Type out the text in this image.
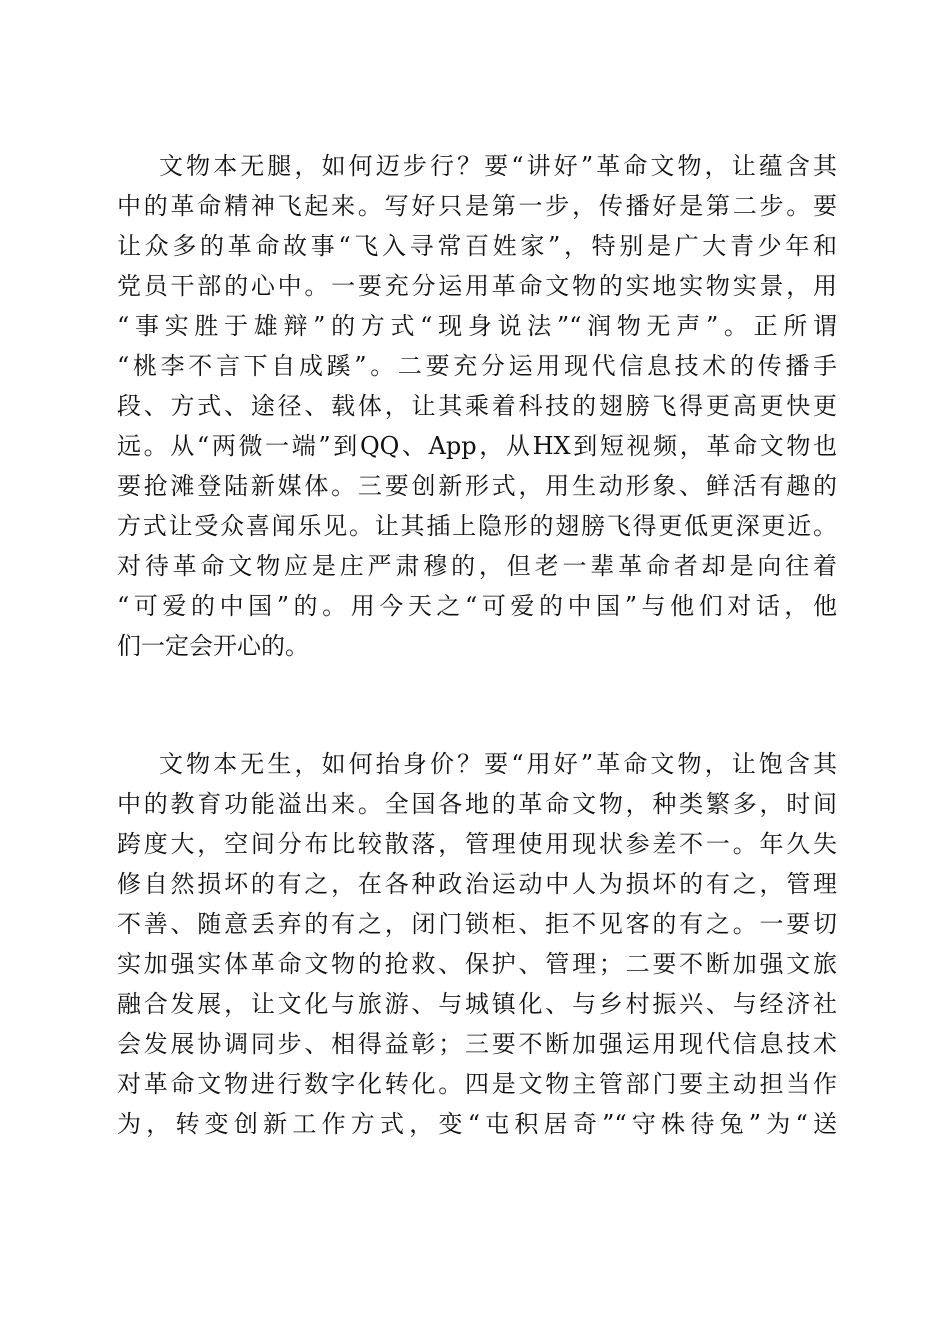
文物本无腿，如何迈步行？要“讲好”革命文物，让蕴含其
中的革命精神飞起来。写好只是第一步，传播好是第二步。要
让众多的革命故事“飞入寻常百姓家”，特别是广大青少年和
党员干部的心中。一要充分运用革命文物的实地实物实景，用
“事实胜于雄辩”的方式“现身说法”“润物无声”。正所谓
“桃李不言下自成蹊”。二要充分运用现代信息技术的传播手
段、方式、途径、载体，让其乘着科技的翅膀飞得更高更快更
远。从“两微一端”到QQ、App，从HX到短视频，革命文物也
要抢滩登陆新媒体。三要创新形式，用生动形象、鲜活有趣的
方式让受众喜闻乐见。让其插上隐形的翅膀飞得更低更深更近。
对待革命文物应是庄严肃穆的，但老一辈革命者却是向往着
“可爱的中国”的。用今天之“可爱的中国”与他们对话，他
们一定会开心的。
文物本无生，如何抬身价？要“用好”革命文物，让饱含其
中的教育功能溢出来。全国各地的革命文物，种类繁多，时间
跨度大，空间分布比较散落，管理使用现状参差不一。年久失
修自然损坏的有之，在各种政治运动中人为损坏的有之，管理
不善、随意丢弃的有之，闭门锁柜、拒不见客的有之。一要切
实加强实体革命文物的抢救、保护、管理；二要不断加强文旅
融合发展，让文化与旅游、与城镇化、与乡村振兴、与经济社
会发展协调同步、相得益彰；三要不断加强运用现代信息技术
对革命文物进行数字化转化。四是文物主管部门要主动担当作
为，转变创新工作方式，变“屯积居奇”“守株待兔”为“送
